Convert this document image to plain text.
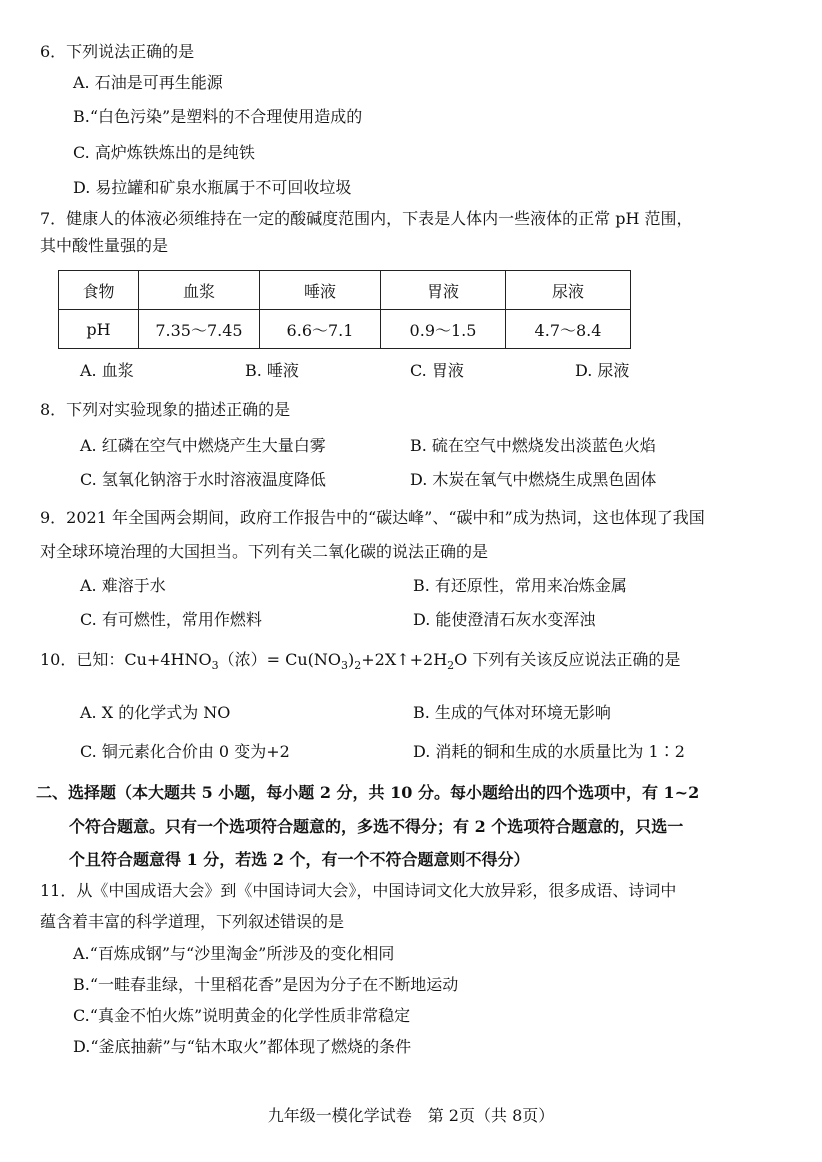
6．下列说法正确的是
A. 石油是可再生能源
B.“白色污染”是塑料的不合理使用造成的
C. 高炉炼铁炼出的是纯铁
D. 易拉罐和矿泉水瓶属于不可回收垃圾
7．健康人的体液必须维持在一定的酸碱度范围内，下表是人体内一些液体的正常 pH 范围，
其中酸性量强的是
食物	血浆	唾液	胃液	尿液
pH	7.35～7.45	6.6～7.1	0.9～1.5	4.7～8.4
A. 血浆	B. 唾液	C. 胃液	D. 尿液
8．下列对实验现象的描述正确的是
A. 红磷在空气中燃烧产生大量白雾	B. 硫在空气中燃烧发出淡蓝色火焰
C. 氢氧化钠溶于水时溶液温度降低	D. 木炭在氧气中燃烧生成黑色固体
9．2021 年全国两会期间，政府工作报告中的“碳达峰”、“碳中和”成为热词，这也体现了我国
对全球环境治理的大国担当。下列有关二氧化碳的说法正确的是
A. 难溶于水	B. 有还原性，常用来冶炼金属
C. 有可燃性，常用作燃料	D. 能使澄清石灰水变浑浊
10．已知：$Cu+4HNO_3$（浓）= $Cu(NO_3)_2+2X↑+2H_2O$ 下列有关该反应说法正确的是
A. X 的化学式为 NO	B. 生成的气体对环境无影响
C. 铜元素化合价由 0 变为+2	D. 消耗的铜和生成的水质量比为 1∶2
二、选择题（本大题共 5 小题，每小题 2 分，共 10 分。每小题给出的四个选项中，有 1~2
个符合题意。只有一个选项符合题意的，多选不得分；有 2 个选项符合题意的，只选一
个且符合题意得 1 分，若选 2 个，有一个不符合题意则不得分）
11．从《中国成语大会》到《中国诗词大会》，中国诗词文化大放异彩，很多成语、诗词中
蕴含着丰富的科学道理，下列叙述错误的是
A.“百炼成钢”与“沙里淘金”所涉及的变化相同
B.“一畦春韭绿，十里稻花香”是因为分子在不断地运动
C.“真金不怕火炼”说明黄金的化学性质非常稳定
D.“釜底抽薪”与“钻木取火”都体现了燃烧的条件
九年级一模化学试卷　第 2页（共 8页）
